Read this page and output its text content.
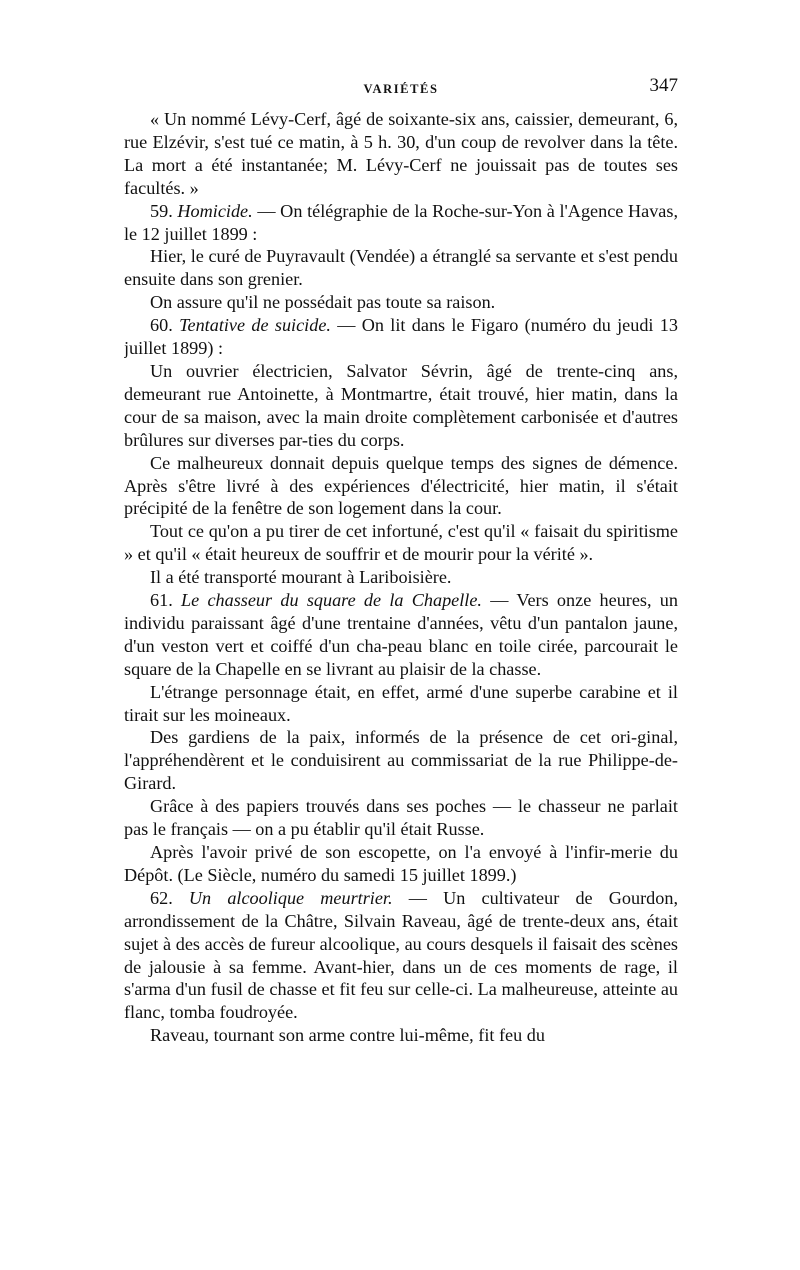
VARIÉTÉS	347

« Un nommé Lévy-Cerf, âgé de soixante-six ans, caissier, demeurant, 6, rue Elzévir, s'est tué ce matin, à 5 h. 30, d'un coup de revolver dans la tête. La mort a été instantanée; M. Lévy-Cerf ne jouissait pas de toutes ses facultés. »

59. Homicide. — On télégraphie de la Roche-sur-Yon à l'Agence Havas, le 12 juillet 1899 :

Hier, le curé de Puyravault (Vendée) a étranglé sa servante et s'est pendu ensuite dans son grenier.

On assure qu'il ne possédait pas toute sa raison.

60. Tentative de suicide. — On lit dans le Figaro (numéro du jeudi 13 juillet 1899) :

Un ouvrier électricien, Salvator Sévrin, âgé de trente-cinq ans, demeurant rue Antoinette, à Montmartre, était trouvé, hier matin, dans la cour de sa maison, avec la main droite complètement carbonisée et d'autres brûlures sur diverses par-ties du corps.

Ce malheureux donnait depuis quelque temps des signes de démence. Après s'être livré à des expériences d'électricité, hier matin, il s'était précipité de la fenêtre de son logement dans la cour.

Tout ce qu'on a pu tirer de cet infortuné, c'est qu'il « faisait du spiritisme » et qu'il « était heureux de souffrir et de mourir pour la vérité ».

Il a été transporté mourant à Lariboisière.

61. Le chasseur du square de la Chapelle. — Vers onze heures, un individu paraissant âgé d'une trentaine d'années, vêtu d'un pantalon jaune, d'un veston vert et coiffé d'un cha-peau blanc en toile cirée, parcourait le square de la Chapelle en se livrant au plaisir de la chasse.

L'étrange personnage était, en effet, armé d'une superbe carabine et il tirait sur les moineaux.

Des gardiens de la paix, informés de la présence de cet ori-ginal, l'appréhendèrent et le conduisirent au commissariat de la rue Philippe-de-Girard.

Grâce à des papiers trouvés dans ses poches — le chasseur ne parlait pas le français — on a pu établir qu'il était Russe.

Après l'avoir privé de son escopette, on l'a envoyé à l'infir-merie du Dépôt. (Le Siècle, numéro du samedi 15 juillet 1899.)

62. Un alcoolique meurtrier. — Un cultivateur de Gourdon, arrondissement de la Châtre, Silvain Raveau, âgé de trente-deux ans, était sujet à des accès de fureur alcoolique, au cours desquels il faisait des scènes de jalousie à sa femme. Avant-hier, dans un de ces moments de rage, il s'arma d'un fusil de chasse et fit feu sur celle-ci. La malheureuse, atteinte au flanc, tomba foudroyée.

Raveau, tournant son arme contre lui-même, fit feu du
